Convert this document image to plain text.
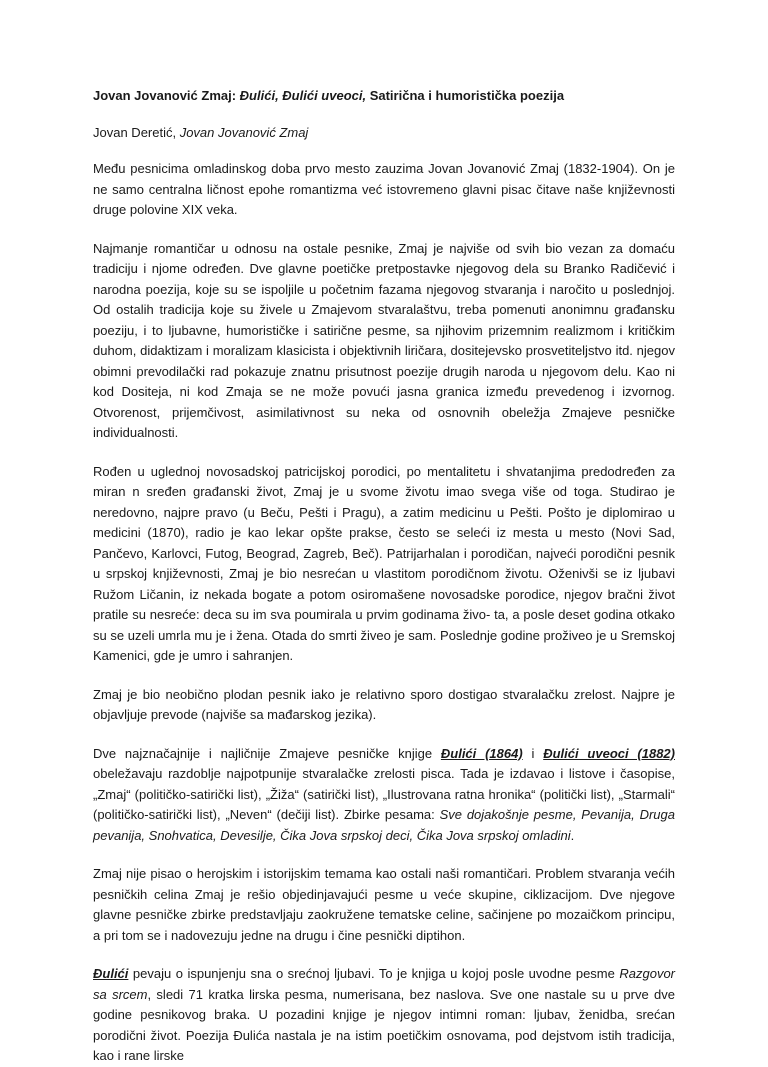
Jovan Jovanović Zmaj: Đulići, Đulići uveoci, Satirična i humoristička poezija

Jovan Deretić, Jovan Jovanović Zmaj

Među pesnicima omladinskog doba prvo mesto zauzima Jovan Jovanović Zmaj (1832-1904). On je ne samo centralna ličnost epohe romantizma već istovremeno glavni pisac čitave naše književnosti druge polovine XIX veka.

Najmanje romantičar u odnosu na ostale pesnike, Zmaj je najviše od svih bio vezan za domaću tradiciju i njome određen. Dve glavne poetičke pretpostavke njegovog dela su Branko Radičević i narodna poezija, koje su se ispoljile u početnim fazama njegovog stvaranja i naročito u poslednjoj. Od ostalih tradicija koje su živele u Zmajevom stvaralaštvu, treba pomenuti anonimnu građansku poeziju, i to ljubavne, humorističke i satirične pesme, sa njihovim prizemnim realizmom i kritičkim duhom, didaktizam i moralizam klasicista i objektivnih liričara, dositejevsko prosvetiteljstvo itd. njegov obimni prevodilački rad pokazuje znatnu prisutnost poezije drugih naroda u njegovom delu. Kao ni kod Dositeja, ni kod Zmaja se ne može povući jasna granica između prevedenog i izvornog. Otvorenost, prijemčivost, asimilativnost su neka od osnovnih obeležja Zmajeve pesničke individualnosti.

Rođen u uglednoj novosadskoj patricijskoj porodici, po mentalitetu i shvatanjima predodređen za miran n sređen građanski život, Zmaj je u svome životu imao svega više od toga. Studirao je neredovno, najpre pravo (u Beču, Pešti i Pragu), a zatim medicinu u Pešti. Pošto je diplomirao u medicini (1870), radio je kao lekar opšte prakse, često se seleći iz mesta u mesto (Novi Sad, Pančevo, Karlovci, Futog, Beograd, Zagreb, Beč). Patrijarhalan i porodičan, najveći porodični pesnik u srpskoj književnosti, Zmaj je bio nesrećan u vlastitom porodičnom životu. Oženivši se iz ljubavi Ružom Ličanin, iz nekada bogate a potom osiromašene novosadske porodice, njegov bračni život pratile su nesreće: deca su im sva poumirala u prvim godinama živo- ta, a posle deset godina otkako su se uzeli umrla mu je i žena. Otada do smrti živeo je sam. Poslednje godine proživeo je u Sremskoj Kamenici, gde je umro i sahranjen.

Zmaj je bio neobično plodan pesnik iako je relativno sporo dostigao stvaralačku zrelost. Najpre je objavljuje prevode (najviše sa mađarskog jezika).

Dve najznačajnije i najličnije Zmajeve pesničke knjige Đulići (1864) i Đulići uveoci (1882) obeležavaju razdoblje najpotpunije stvaralačke zrelosti pisca. Tada je izdavao i listove i časopise, „Zmaj“ (političko-satirički list), „Žiža“ (satirički list), „Ilustrovana ratna hronika“ (politički list), „Starmali“ (političko-satirički list), „Neven“ (dečiji list). Zbirke pesama: Sve dojakošnje pesme, Pevanija, Druga pevanija, Snohvatica, Devesilje, Čika Jova srpskoj deci, Čika Jova srpskoj omladini.

Zmaj nije pisao o herojskim i istorijskim temama kao ostali naši romantičari. Problem stvaranja većih pesničkih celina Zmaj je rešio objedinjavajući pesme u veće skupine, ciklizacijom. Dve njegove glavne pesničke zbirke predstavljaju zaokružene tematske celine, sačinjene po mozaičkom principu, a pri tom se i nadovezuju jedne na drugu i čine pesnički diptihon.

Đulići pevaju o ispunjenju sna o srećnoj ljubavi. To je knjiga u kojoj posle uvodne pesme Razgovor sa srcem, sledi 71 kratka lirska pesma, numerisana, bez naslova. Sve one nastale su u prve dve godine pesnikovog braka. U pozadini knjige je njegov intimni roman: ljubav, ženidba, srećan porodični život. Poezija Đulića nastala je na istim poetičkim osnovama, pod dejstvom istih tradicija, kao i rane lirske
